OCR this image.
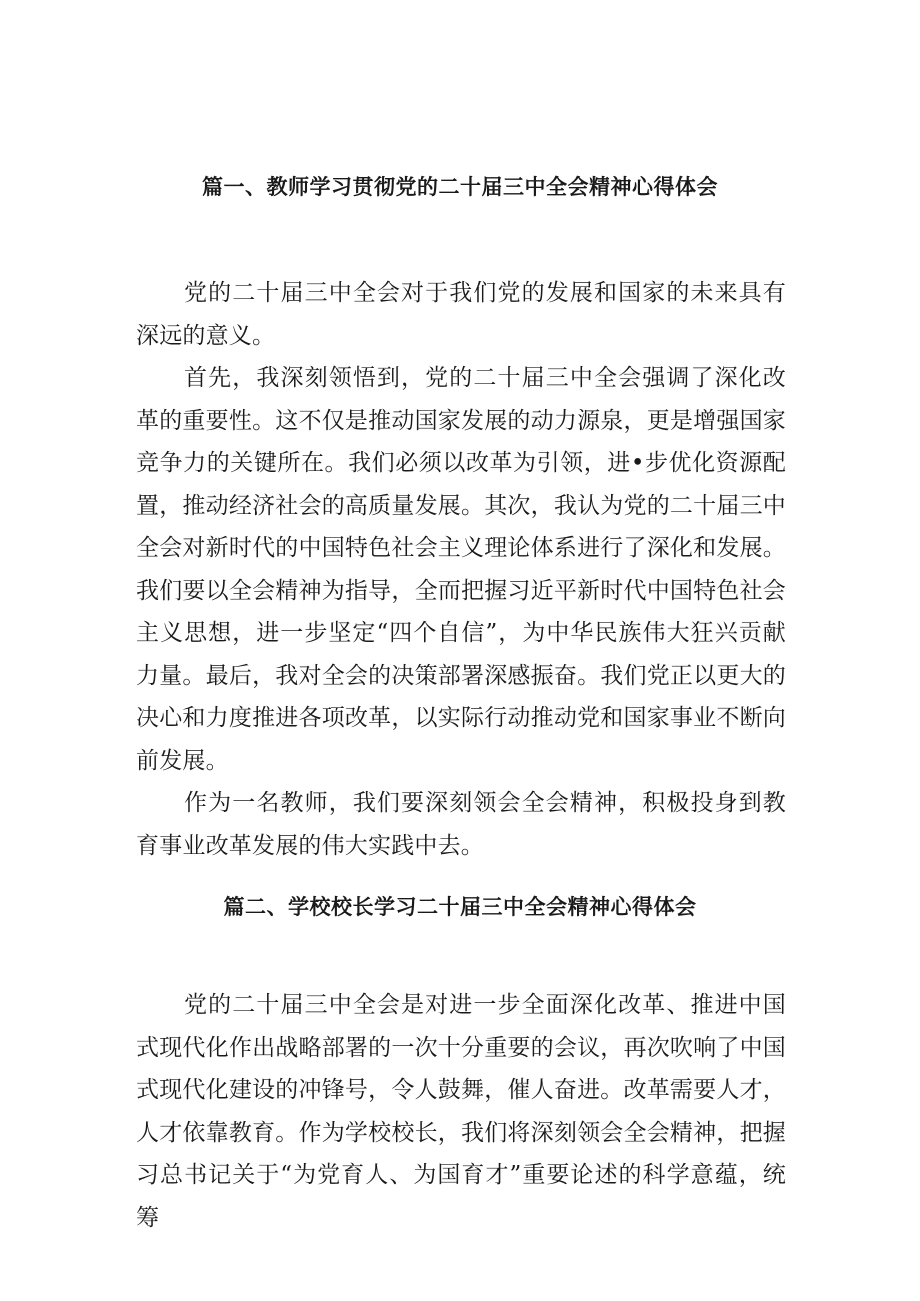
篇一、教师学习贯彻党的二十届三中全会精神心得体会

党的二十届三中全会对于我们党的发展和国家的未来具有深远的意义。

首先，我深刻领悟到，党的二十届三中全会强调了深化改革的重要性。这不仅是推动国家发展的动力源泉，更是增强国家竞争力的关键所在。我们必须以改革为引领，进•步优化资源配置，推动经济社会的高质量发展。其次，我认为党的二十届三中全会对新时代的中国特色社会主义理论体系进行了深化和发展。我们要以全会精神为指导，全而把握习近平新时代中国特色社会主义思想，进一步坚定“四个自信”，为中华民族伟大狂兴贡献力量。最后，我对全会的决策部署深感振奋。我们党正以更大的决心和力度推进各项改革，以实际行动推动党和国家事业不断向前发展。

作为一名教师，我们要深刻领会全会精神，积极投身到教育事业改革发展的伟大实践中去。

篇二、学校校长学习二十届三中全会精神心得体会

党的二十届三中全会是对进一步全面深化改革、推进中国式现代化作出战略部署的一次十分重要的会议，再次吹响了中国式现代化建设的冲锋号，令人鼓舞，催人奋进。改革需要人才，人才依靠教育。作为学校校长，我们将深刻领会全会精神，把握习总书记关于“为党育人、为国育才”重要论述的科学意蕴，统筹
